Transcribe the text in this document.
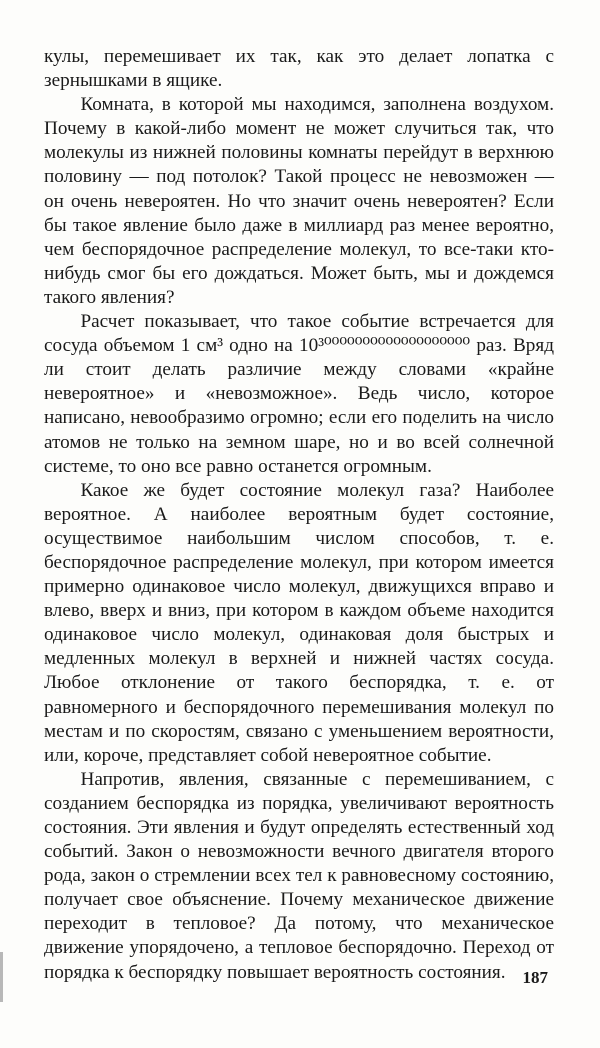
кулы, перемешивает их так, как это делает лопатка с зернышками в ящике.

Комната, в которой мы находимся, заполнена воздухом. Почему в какой-либо момент не может случиться так, что молекулы из нижней половины комнаты перейдут в верхнюю половину — под потолок? Такой процесс не невозможен — он очень невероятен. Но что значит очень невероятен? Если бы такое явление было даже в миллиард раз менее вероятно, чем беспорядочное распределение молекул, то все-таки кто-нибудь смог бы его дождаться. Может быть, мы и дождемся такого явления?

Расчет показывает, что такое событие встречается для сосуда объемом 1 см³ одно на 10³⁰⁰⁰⁰⁰⁰⁰⁰⁰⁰⁰⁰⁰⁰⁰⁰⁰⁰⁰ раз. Вряд ли стоит делать различие между словами «крайне невероятное» и «невозможное». Ведь число, которое написано, невообразимо огромно; если его поделить на число атомов не только на земном шаре, но и во всей солнечной системе, то оно все равно останется огромным.

Какое же будет состояние молекул газа? Наиболее вероятное. А наиболее вероятным будет состояние, осуществимое наибольшим числом способов, т. е. беспорядочное распределение молекул, при котором имеется примерно одинаковое число молекул, движущихся вправо и влево, вверх и вниз, при котором в каждом объеме находится одинаковое число молекул, одинаковая доля быстрых и медленных молекул в верхней и нижней частях сосуда. Любое отклонение от такого беспорядка, т. е. от равномерного и беспорядочного перемешивания молекул по местам и по скоростям, связано с уменьшением вероятности, или, короче, представляет собой невероятное событие.

Напротив, явления, связанные с перемешиванием, с созданием беспорядка из порядка, увеличивают вероятность состояния. Эти явления и будут определять естественный ход событий. Закон о невозможности вечного двигателя второго рода, закон о стремлении всех тел к равновесному состоянию, получает свое объяснение. Почему механическое движение переходит в тепловое? Да потому, что механическое движение упорядочено, а тепловое беспорядочно. Переход от порядка к беспорядку повышает вероятность состояния. 187
